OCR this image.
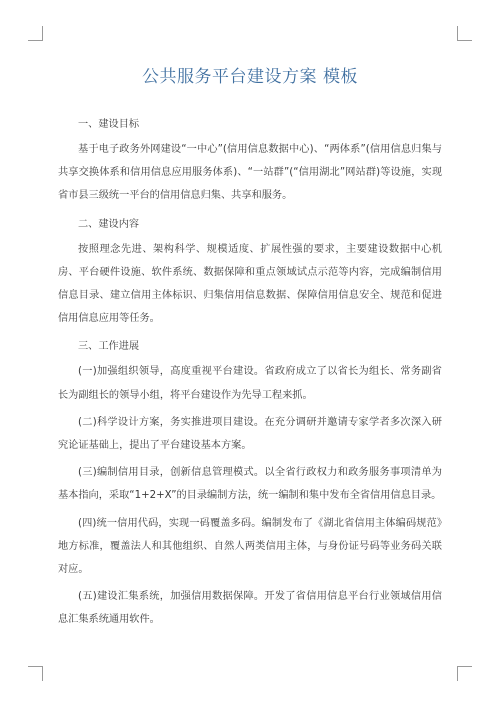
公共服务平台建设方案 模板

一、建设目标

基于电子政务外网建设“一中心”(信用信息数据中心)、“两体系”(信用信息归集与共享交换体系和信用信息应用服务体系)、“一站群”(“信用湖北”网站群)等设施，实现省市县三级统一平台的信用信息归集、共享和服务。

二、建设内容

按照理念先进、架构科学、规模适度、扩展性强的要求，主要建设数据中心机房、平台硬件设施、软件系统、数据保障和重点领域试点示范等内容，完成编制信用信息目录、建立信用主体标识、归集信用信息数据、保障信用信息安全、规范和促进信用信息应用等任务。

三、工作进展

(一)加强组织领导，高度重视平台建设。省政府成立了以省长为组长、常务副省长为副组长的领导小组，将平台建设作为先导工程来抓。

(二)科学设计方案，务实推进项目建设。在充分调研并邀请专家学者多次深入研究论证基础上，提出了平台建设基本方案。

(三)编制信用目录，创新信息管理模式。以全省行政权力和政务服务事项清单为基本指向，采取“1+2+X”的目录编制方法，统一编制和集中发布全省信用信息目录。

(四)统一信用代码，实现一码覆盖多码。编制发布了《湖北省信用主体编码规范》地方标准，覆盖法人和其他组织、自然人两类信用主体，与身份证号码等业务码关联对应。

(五)建设汇集系统，加强信用数据保障。开发了省信用信息平台行业领域信用信息汇集系统通用软件。
